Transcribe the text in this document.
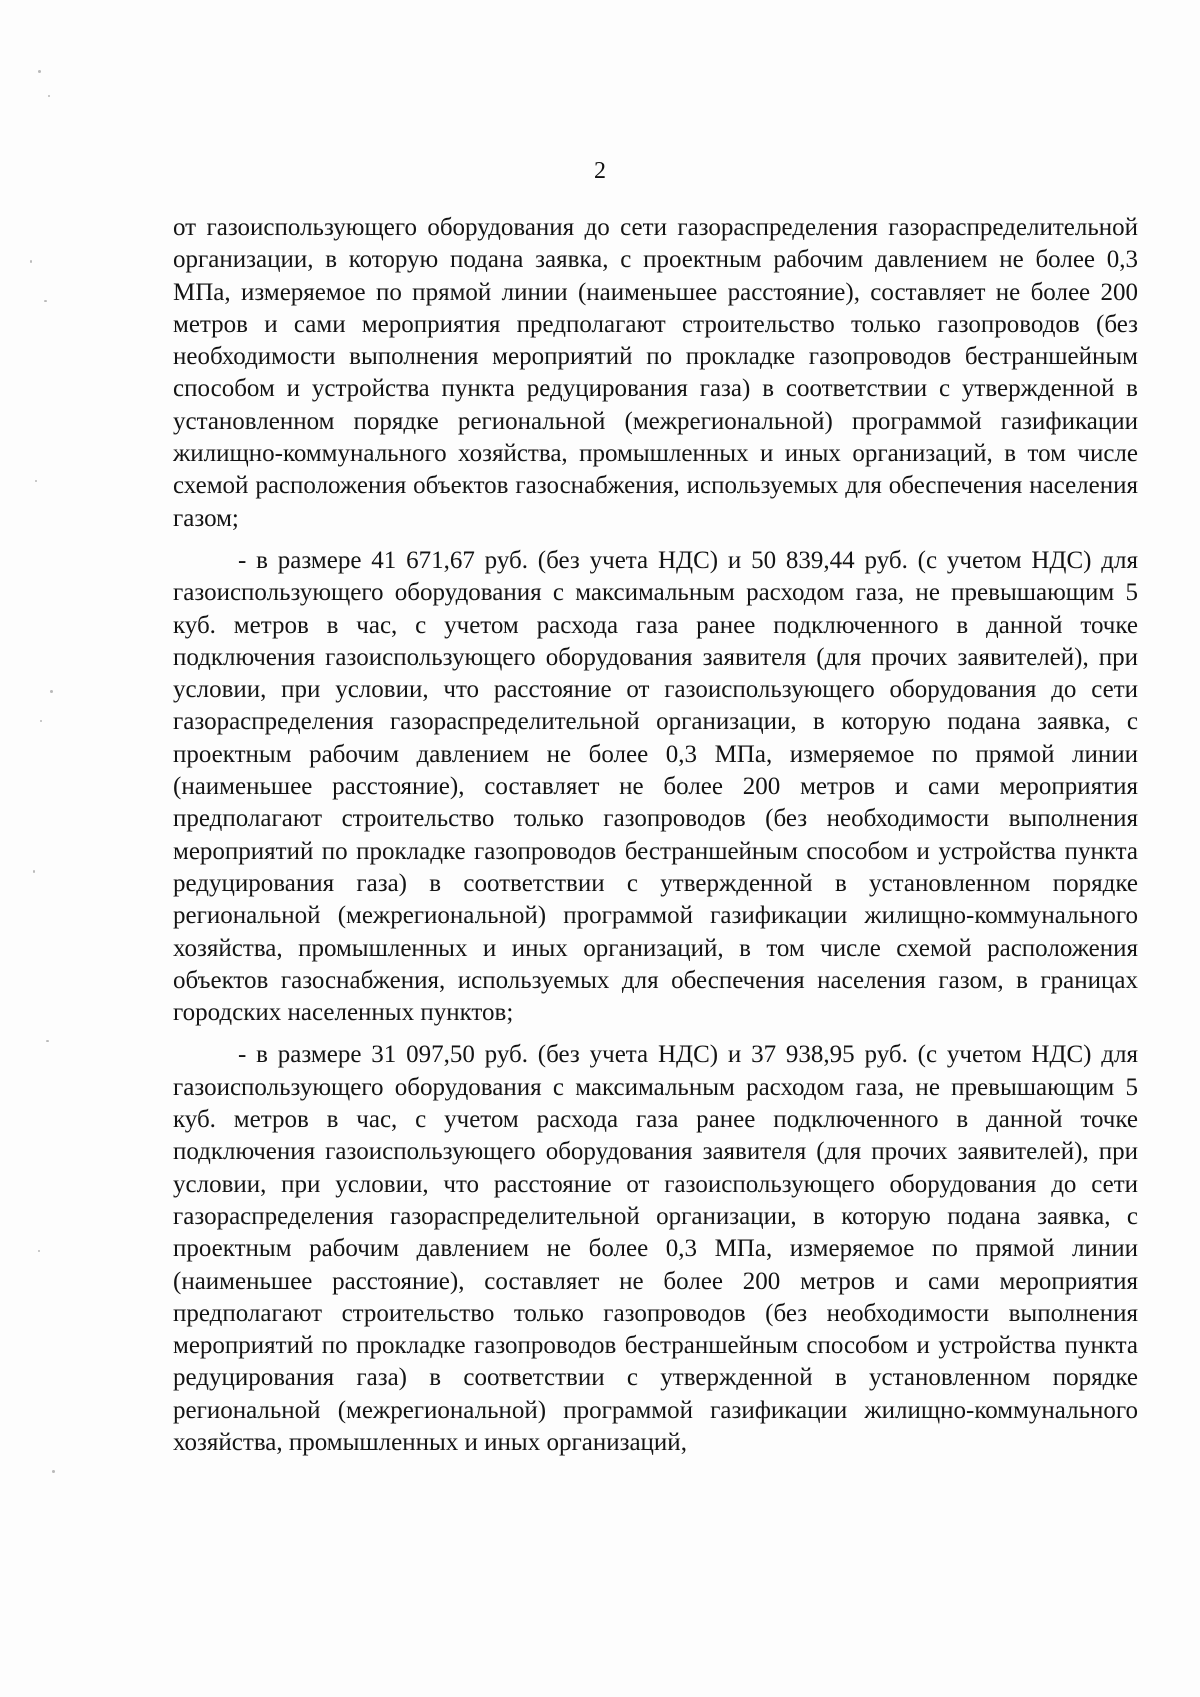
2

от газоиспользующего оборудования до сети газораспределения газораспределительной организации, в которую подана заявка, с проектным рабочим давлением не более 0,3 МПа, измеряемое по прямой линии (наименьшее расстояние), составляет не более 200 метров и сами мероприятия предполагают строительство только газопроводов (без необходимости выполнения мероприятий по прокладке газопроводов бестраншейным способом и устройства пункта редуцирования газа) в соответствии с утвержденной в установленном порядке региональной (межрегиональной) программой газификации жилищно-коммунального хозяйства, промышленных и иных организаций, в том числе схемой расположения объектов газоснабжения, используемых для обеспечения населения газом;

- в размере 41 671,67 руб. (без учета НДС) и 50 839,44 руб. (с учетом НДС) для газоиспользующего оборудования с максимальным расходом газа, не превышающим 5 куб. метров в час, с учетом расхода газа ранее подключенного в данной точке подключения газоиспользующего оборудования заявителя (для прочих заявителей), при условии, при условии, что расстояние от газоиспользующего оборудования до сети газораспределения газораспределительной организации, в которую подана заявка, с проектным рабочим давлением не более 0,3 МПа, измеряемое по прямой линии (наименьшее расстояние), составляет не более 200 метров и сами мероприятия предполагают строительство только газопроводов (без необходимости выполнения мероприятий по прокладке газопроводов бестраншейным способом и устройства пункта редуцирования газа) в соответствии с утвержденной в установленном порядке региональной (межрегиональной) программой газификации жилищно-коммунального хозяйства, промышленных и иных организаций, в том числе схемой расположения объектов газоснабжения, используемых для обеспечения населения газом, в границах городских населенных пунктов;

- в размере 31 097,50 руб. (без учета НДС) и 37 938,95 руб. (с учетом НДС) для газоиспользующего оборудования с максимальным расходом газа, не превышающим 5 куб. метров в час, с учетом расхода газа ранее подключенного в данной точке подключения газоиспользующего оборудования заявителя (для прочих заявителей), при условии, при условии, что расстояние от газоиспользующего оборудования до сети газораспределения газораспределительной организации, в которую подана заявка, с проектным рабочим давлением не более 0,3 МПа, измеряемое по прямой линии (наименьшее расстояние), составляет не более 200 метров и сами мероприятия предполагают строительство только газопроводов (без необходимости выполнения мероприятий по прокладке газопроводов бестраншейным способом и устройства пункта редуцирования газа) в соответствии с утвержденной в установленном порядке региональной (межрегиональной) программой газификации жилищно-коммунального хозяйства, промышленных и иных организаций,
